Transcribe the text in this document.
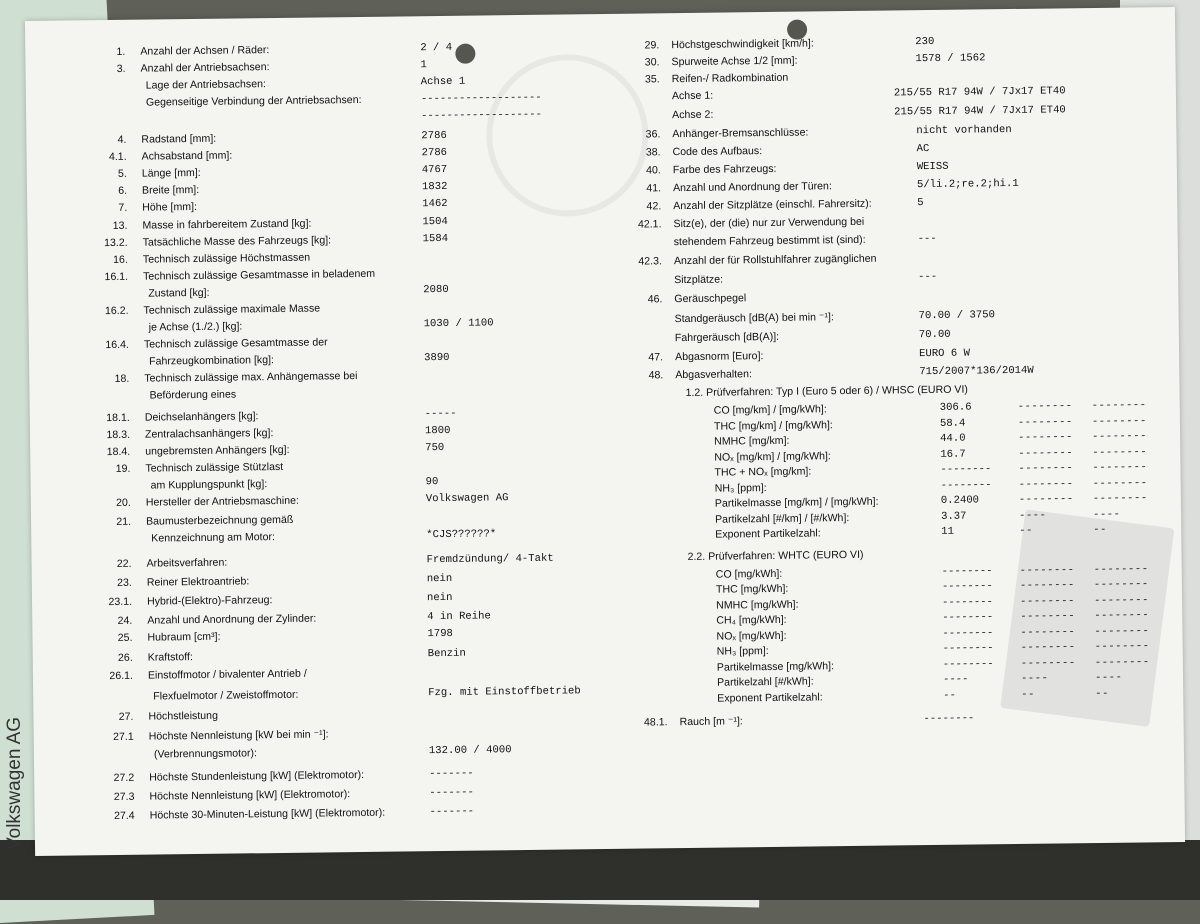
Volkswagen AG
1. Anzahl der Achsen / Räder:	2 / 4
3. Anzahl der Antriebsachsen:	1
Lage der Antriebsachsen:	Achse 1
Gegenseitige Verbindung der Antriebsachsen:	-------------------
-------------------
4. Radstand [mm]:	2786
4.1. Achsabstand [mm]:	2786
5. Länge [mm]:	4767
6. Breite [mm]:	1832
7. Höhe [mm]:	1462
13. Masse in fahrbereitem Zustand [kg]:	1504
13.2. Tatsächliche Masse des Fahrzeugs [kg]:	1584
16. Technisch zulässige Höchstmassen
16.1. Technisch zulässige Gesamtmasse in beladenem
Zustand [kg]:	2080
16.2. Technisch zulässige maximale Masse
je Achse (1./2.) [kg]:	1030 / 1100
16.4. Technisch zulässige Gesamtmasse der
Fahrzeugkombination [kg]:	3890
18. Technisch zulässige max. Anhängemasse bei
Beförderung eines
18.1. Deichselanhängers [kg]:	-----
18.3. Zentralachsanhängers [kg]:	1800
18.4. ungebremsten Anhängers [kg]:	750
19. Technisch zulässige Stützlast
am Kupplungspunkt [kg]:	90
20. Hersteller der Antriebsmaschine:	Volkswagen AG
21. Baumusterbezeichnung gemäß
Kennzeichnung am Motor:	*CJS??????*
22. Arbeitsverfahren:	Fremdzündung/ 4-Takt
23. Reiner Elektroantrieb:	nein
23.1. Hybrid-(Elektro)-Fahrzeug:	nein
24. Anzahl und Anordnung der Zylinder:	4 in Reihe
25. Hubraum [cm³]:	1798
26. Kraftstoff:	Benzin
26.1. Einstoffmotor / bivalenter Antrieb /
Flexfuelmotor / Zweistoffmotor:	Fzg. mit Einstoffbetrieb
27. Höchstleistung
27.1 Höchste Nennleistung [kW bei min ⁻¹]:
(Verbrennungsmotor):	132.00 / 4000
27.2 Höchste Stundenleistung [kW] (Elektromotor):	-------
27.3 Höchste Nennleistung [kW] (Elektromotor):	-------
27.4 Höchste 30-Minuten-Leistung [kW] (Elektromotor):	-------
29. Höchstgeschwindigkeit [km/h]:	230
30. Spurweite Achse 1/2 [mm]:	1578 / 1562
35. Reifen-/ Radkombination
Achse 1:	215/55 R17 94W / 7Jx17 ET40
Achse 2:	215/55 R17 94W / 7Jx17 ET40
36. Anhänger-Bremsanschlüsse:	nicht vorhanden
38. Code des Aufbaus:	AC
40. Farbe des Fahrzeugs:	WEISS
41. Anzahl und Anordnung der Türen:	5/li.2;re.2;hi.1
42. Anzahl der Sitzplätze (einschl. Fahrersitz):	5
42.1. Sitz(e), der (die) nur zur Verwendung bei
stehendem Fahrzeug bestimmt ist (sind):	---
42.3. Anzahl der für Rollstuhlfahrer zugänglichen
Sitzplätze:	---
46. Geräuschpegel
Standgeräusch [dB(A) bei min ⁻¹]:	70.00 / 3750
Fahrgeräusch [dB(A)]:	70.00
47. Abgasnorm [Euro]:	EURO 6 W
48. Abgasverhalten:	715/2007*136/2014W
1.2. Prüfverfahren: Typ I (Euro 5 oder 6) / WHSC (EURO VI)
CO [mg/km] / [mg/kWh]:	306.6	-------- --------
THC [mg/km] / [mg/kWh]:	58.4	-------- --------
NMHC [mg/km]:	44.0	-------- --------
NOₓ [mg/km] / [mg/kWh]:	16.7	-------- --------
THC + NOₓ [mg/km]:	--------	-------- --------
NH₃ [ppm]:	--------	-------- --------
Partikelmasse [mg/km] / [mg/kWh]:	0.2400	-------- --------
Partikelzahl [#/km] / [#/kWh]:	3.37	----	----
Exponent Partikelzahl:	11	--	--
2.2. Prüfverfahren: WHTC (EURO VI)
CO [mg/kWh]:	--------	-------- --------
THC [mg/kWh]:	--------	-------- --------
NMHC [mg/kWh]:	--------	-------- --------
CH₄ [mg/kWh]:	--------	-------- --------
NOₓ [mg/kWh]:	--------	-------- --------
NH₃ [ppm]:	--------	-------- --------
Partikelmasse [mg/kWh]:	--------	-------- --------
Partikelzahl [#/kWh]:	----	----	----
Exponent Partikelzahl:	--	--	--
48.1. Rauch [m ⁻¹]:	--------
